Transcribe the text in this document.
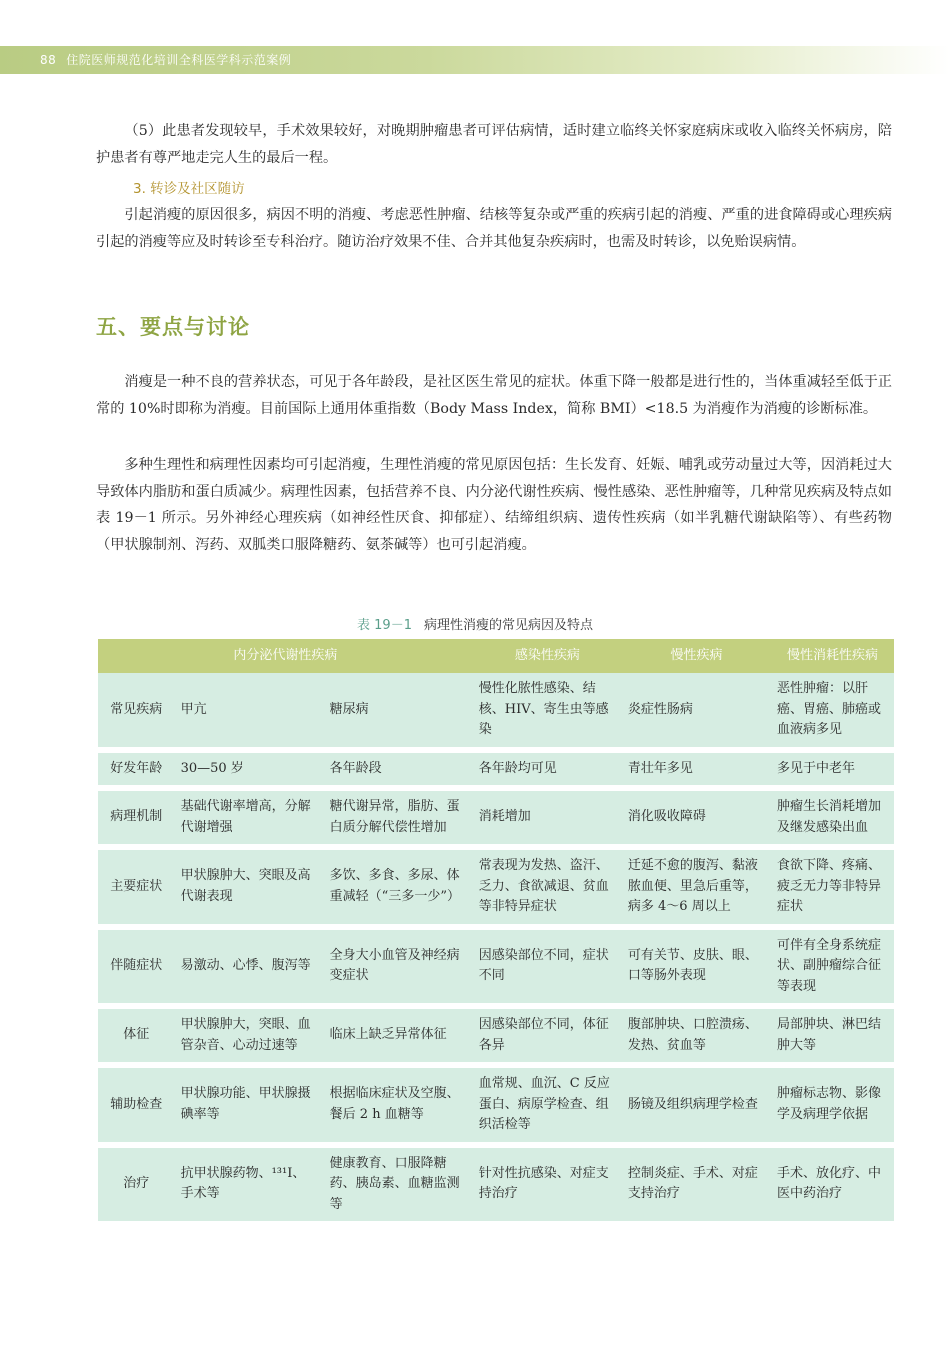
88 住院医师规范化培训全科医学科示范案例

（5）此患者发现较早，手术效果较好，对晚期肿瘤患者可评估病情，适时建立临终关怀家庭病床或收入临终关怀病房，陪护患者有尊严地走完人生的最后一程。

3. 转诊及社区随访

引起消瘦的原因很多，病因不明的消瘦、考虑恶性肿瘤、结核等复杂或严重的疾病引起的消瘦、严重的进食障碍或心理疾病引起的消瘦等应及时转诊至专科治疗。随访治疗效果不佳、合并其他复杂疾病时，也需及时转诊，以免贻误病情。

五、要点与讨论

消瘦是一种不良的营养状态，可见于各年龄段，是社区医生常见的症状。体重下降一般都是进行性的，当体重减轻至低于正常的 10%时即称为消瘦。目前国际上通用体重指数（Body Mass Index，简称 BMI）<18.5 为消瘦作为消瘦的诊断标准。

多种生理性和病理性因素均可引起消瘦，生理性消瘦的常见原因包括：生长发育、妊娠、哺乳或劳动量过大等，因消耗过大导致体内脂肪和蛋白质减少。病理性因素，包括营养不良、内分泌代谢性疾病、慢性感染、恶性肿瘤等，几种常见疾病及特点如表 19－1 所示。另外神经心理疾病（如神经性厌食、抑郁症）、结缔组织病、遗传性疾病（如半乳糖代谢缺陷等）、有些药物（甲状腺制剂、泻药、双胍类口服降糖药、氨茶碱等）也可引起消瘦。

表 19－1 病理性消瘦的常见病因及特点
内分泌代谢性疾病			感染性疾病	慢性疾病	慢性消耗性疾病
常见疾病	甲亢	糖尿病	慢性化脓性感染、结核、HIV、寄生虫等感染	炎症性肠病	恶性肿瘤：以肝癌、胃癌、肺癌或血液病多见
好发年龄	30—50 岁	各年龄段	各年龄均可见	青壮年多见	多见于中老年
病理机制	基础代谢率增高，分解代谢增强	糖代谢异常，脂肪、蛋白质分解代偿性增加	消耗增加	消化吸收障碍	肿瘤生长消耗增加及继发感染出血
主要症状	甲状腺肿大、突眼及高代谢表现	多饮、多食、多尿、体重减轻（“三多一少”）	常表现为发热、盗汗、乏力、食欲减退、贫血等非特异症状	迁延不愈的腹泻、黏液脓血便、里急后重等，病多 4～6 周以上	食欲下降、疼痛、疲乏无力等非特异症状
伴随症状	易激动、心悸、腹泻等	全身大小血管及神经病变症状	因感染部位不同，症状不同	可有关节、皮肤、眼、口等肠外表现	可伴有全身系统症状、副肿瘤综合征等表现
体征	甲状腺肿大，突眼、血管杂音、心动过速等	临床上缺乏异常体征	因感染部位不同，体征各异	腹部肿块、口腔溃疡、发热、贫血等	局部肿块、淋巴结肿大等
辅助检查	甲状腺功能、甲状腺摄碘率等	根据临床症状及空腹、餐后 2 h 血糖等	血常规、血沉、C 反应蛋白、病原学检查、组织活检等	肠镜及组织病理学检查	肿瘤标志物、影像学及病理学依据
治疗	抗甲状腺药物、¹³¹I、手术等	健康教育、口服降糖药、胰岛素、血糖监测等	针对性抗感染、对症支持治疗	控制炎症、手术、对症支持治疗	手术、放化疗、中医中药治疗
